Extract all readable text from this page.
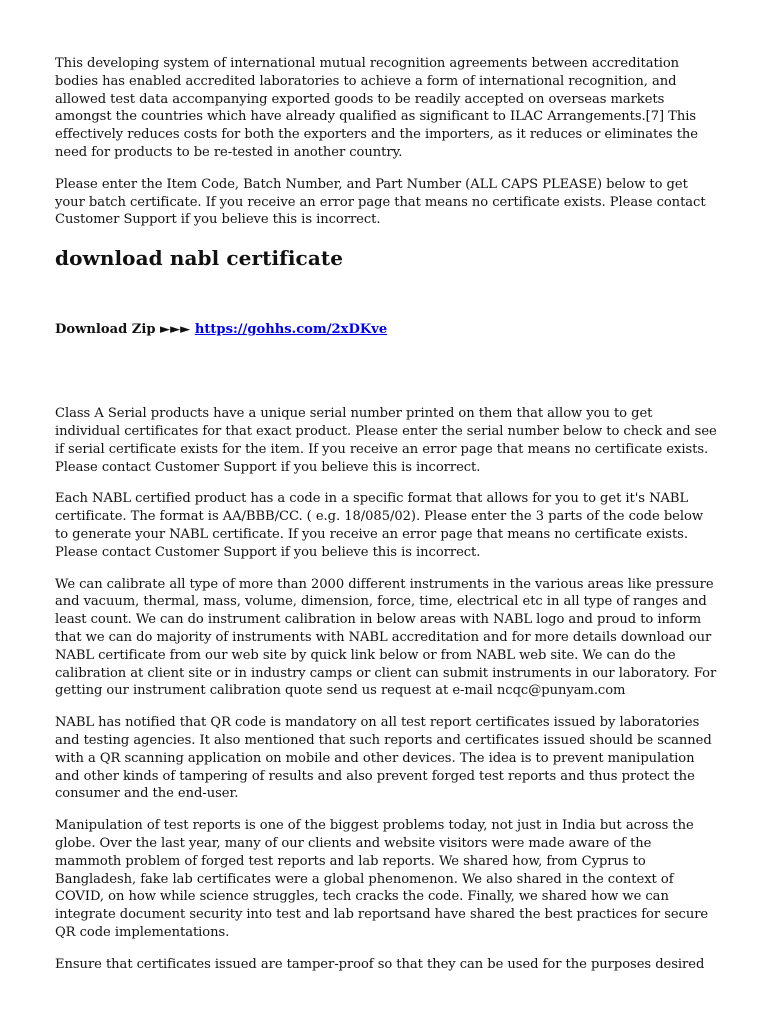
This developing system of international mutual recognition agreements between accreditation bodies has enabled accredited laboratories to achieve a form of international recognition, and allowed test data accompanying exported goods to be readily accepted on overseas markets amongst the countries which have already qualified as significant to ILAC Arrangements.[7] This effectively reduces costs for both the exporters and the importers, as it reduces or eliminates the need for products to be re-tested in another country.

Please enter the Item Code, Batch Number, and Part Number (ALL CAPS PLEASE) below to get your batch certificate. If you receive an error page that means no certificate exists. Please contact Customer Support if you believe this is incorrect.

download nabl certificate
Download Zip ►►► https://gohhs.com/2xDKve

Class A Serial products have a unique serial number printed on them that allow you to get individual certificates for that exact product. Please enter the serial number below to check and see if serial certificate exists for the item. If you receive an error page that means no certificate exists. Please contact Customer Support if you believe this is incorrect.

Each NABL certified product has a code in a specific format that allows for you to get it's NABL certificate. The format is AA/BBB/CC. ( e.g. 18/085/02). Please enter the 3 parts of the code below to generate your NABL certificate. If you receive an error page that means no certificate exists. Please contact Customer Support if you believe this is incorrect.

We can calibrate all type of more than 2000 different instruments in the various areas like pressure and vacuum, thermal, mass, volume, dimension, force, time, electrical etc in all type of ranges and least count. We can do instrument calibration in below areas with NABL logo and proud to inform that we can do majority of instruments with NABL accreditation and for more details download our NABL certificate from our web site by quick link below or from NABL web site. We can do the calibration at client site or in industry camps or client can submit instruments in our laboratory. For getting our instrument calibration quote send us request at e-mail ncqc@punyam.com

NABL has notified that QR code is mandatory on all test report certificates issued by laboratories and testing agencies. It also mentioned that such reports and certificates issued should be scanned with a QR scanning application on mobile and other devices. The idea is to prevent manipulation and other kinds of tampering of results and also prevent forged test reports and thus protect the consumer and the end-user.

Manipulation of test reports is one of the biggest problems today, not just in India but across the globe. Over the last year, many of our clients and website visitors were made aware of the mammoth problem of forged test reports and lab reports. We shared how, from Cyprus to Bangladesh, fake lab certificates were a global phenomenon. We also shared in the context of COVID, on how while science struggles, tech cracks the code. Finally, we shared how we can integrate document security into test and lab reportsand have shared the best practices for secure QR code implementations.

Ensure that certificates issued are tamper-proof so that they can be used for the purposes desired
